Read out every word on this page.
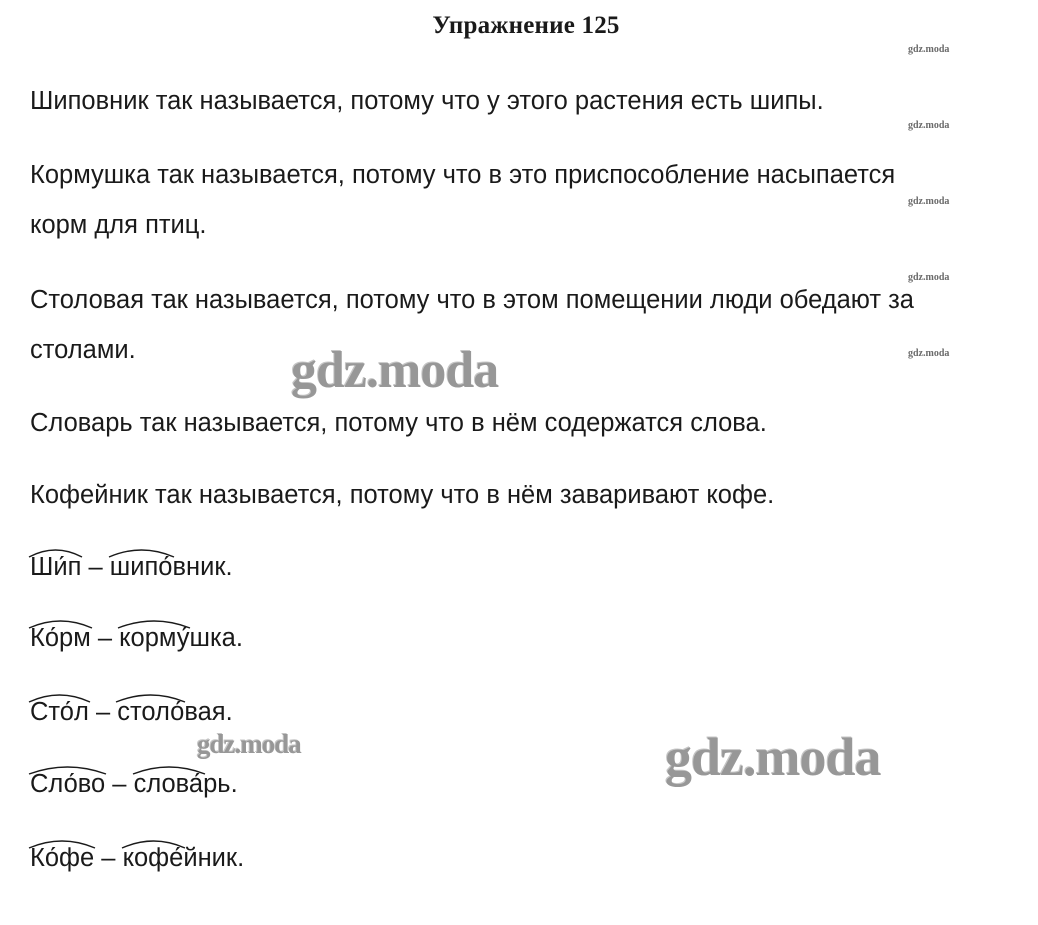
Упражнение 125
gdz.moda
gdz.moda
gdz.moda
gdz.moda
gdz.moda
Шиповник так называется, потому что у этого растения есть шипы.
Кормушка так называется, потому что в это приспособление насыпается
корм для птиц.
Столовая так называется, потому что в этом помещении люди обедают за
столами.
Словарь так называется, потому что в нём содержатся слова.
Кофейник так называется, потому что в нём заваривают кофе.
Ши́п
– шипо́
вник.
Ко́рм
– корму́
шка.
Сто́л
– столо́
вая.
Сло́во
– слова́
рь.
Ко́фе
– кофе́
йник.
gdz.moda
gdz.moda	gdz.moda
